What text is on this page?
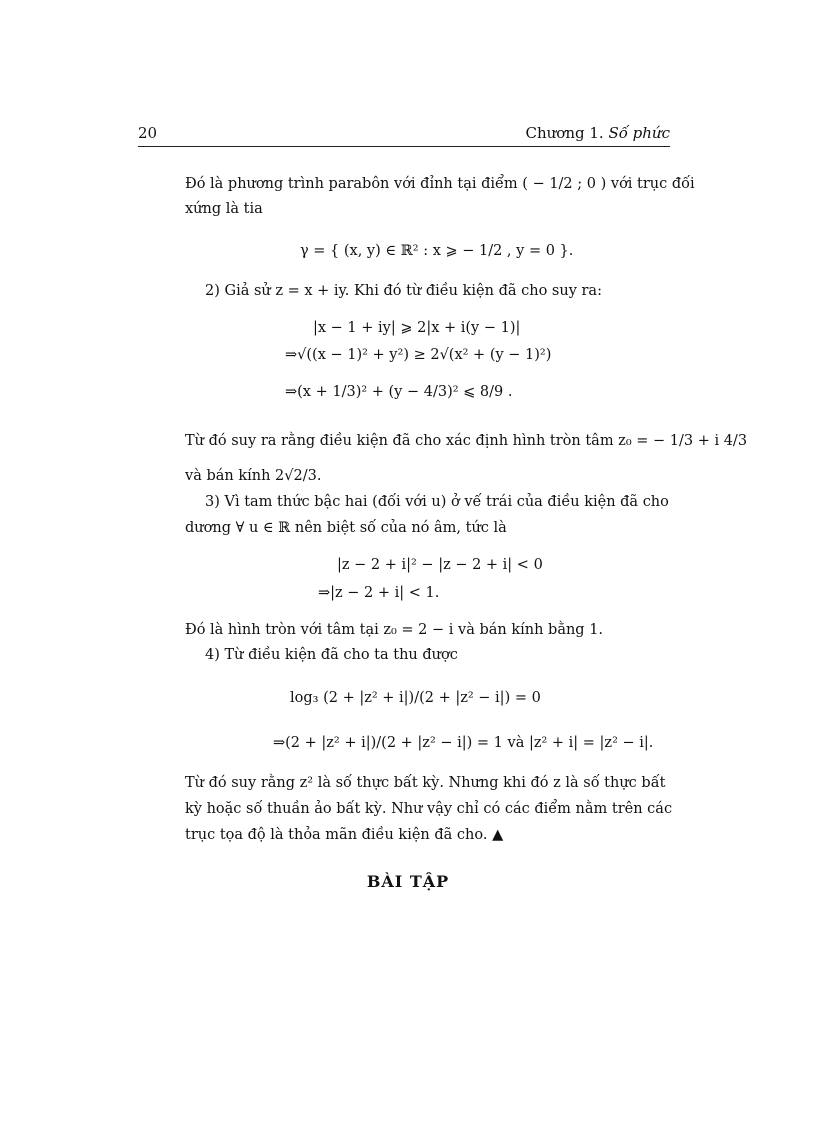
20	Chương 1. Số phức
Đó là phương trình parabôn với đỉnh tại điểm ( − 1/2 ; 0 ) với trục đối
xứng là tia
γ = { (x, y) ∈ ℝ² : x ⩾ − 1/2 , y = 0 }.
2) Giả sử z = x + iy. Khi đó từ điều kiện đã cho suy ra:
|x − 1 + iy| ⩾ 2|x + i(y − 1)|
⇒√((x − 1)² + y²) ≥ 2√(x² + (y − 1)²)
⇒(x + 1/3)² + (y − 4/3)² ⩽ 8/9 .
Từ đó suy ra rằng điều kiện đã cho xác định hình tròn tâm z₀ = − 1/3 + i 4/3
và bán kính 2√2/3.
3) Vì tam thức bậc hai (đối với u) ở vế trái của điều kiện đã cho
dương ∀ u ∈ ℝ nên biệt số của nó âm, tức là
|z − 2 + i|² − |z − 2 + i| < 0
⇒|z − 2 + i| < 1.
Đó là hình tròn với tâm tại z₀ = 2 − i và bán kính bằng 1.
4) Từ điều kiện đã cho ta thu được
log₃ (2 + |z² + i|)/(2 + |z² − i|) = 0
⇒(2 + |z² + i|)/(2 + |z² − i|) = 1 và |z² + i| = |z² − i|.
Từ đó suy rằng z² là số thực bất kỳ. Nhưng khi đó z là số thực bất
kỳ hoặc số thuần ảo bất kỳ. Như vậy chỉ có các điểm nằm trên các
trục tọa độ là thỏa mãn điều kiện đã cho. ▲
BÀI TẬP
